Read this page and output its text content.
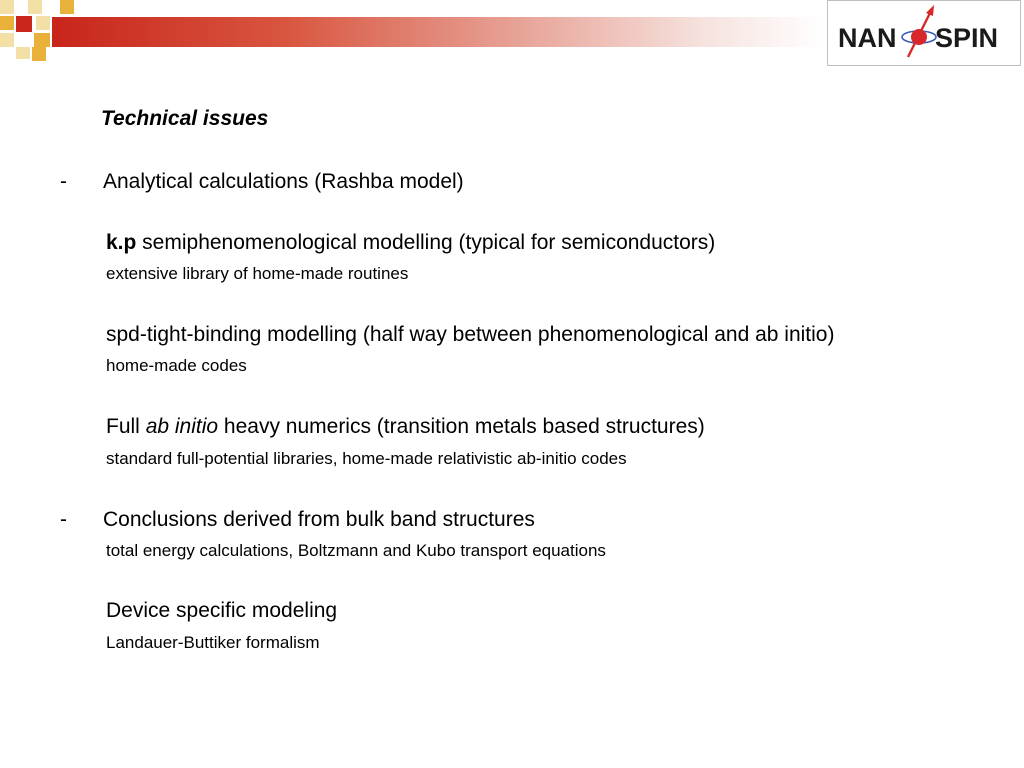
NAN SPIN
Technical issues
- Analytical calculations (Rashba model)
k.p semiphenomenological modelling (typical for semiconductors)
extensive library of home-made routines
spd-tight-binding modelling (half way between phenomenological and ab initio)
home-made codes
Full ab initio heavy numerics (transition metals based structures)
standard full-potential libraries, home-made relativistic ab-initio codes
- Conclusions derived from bulk band structures
total energy calculations, Boltzmann and Kubo transport equations
Device specific modeling
Landauer-Buttiker formalism
